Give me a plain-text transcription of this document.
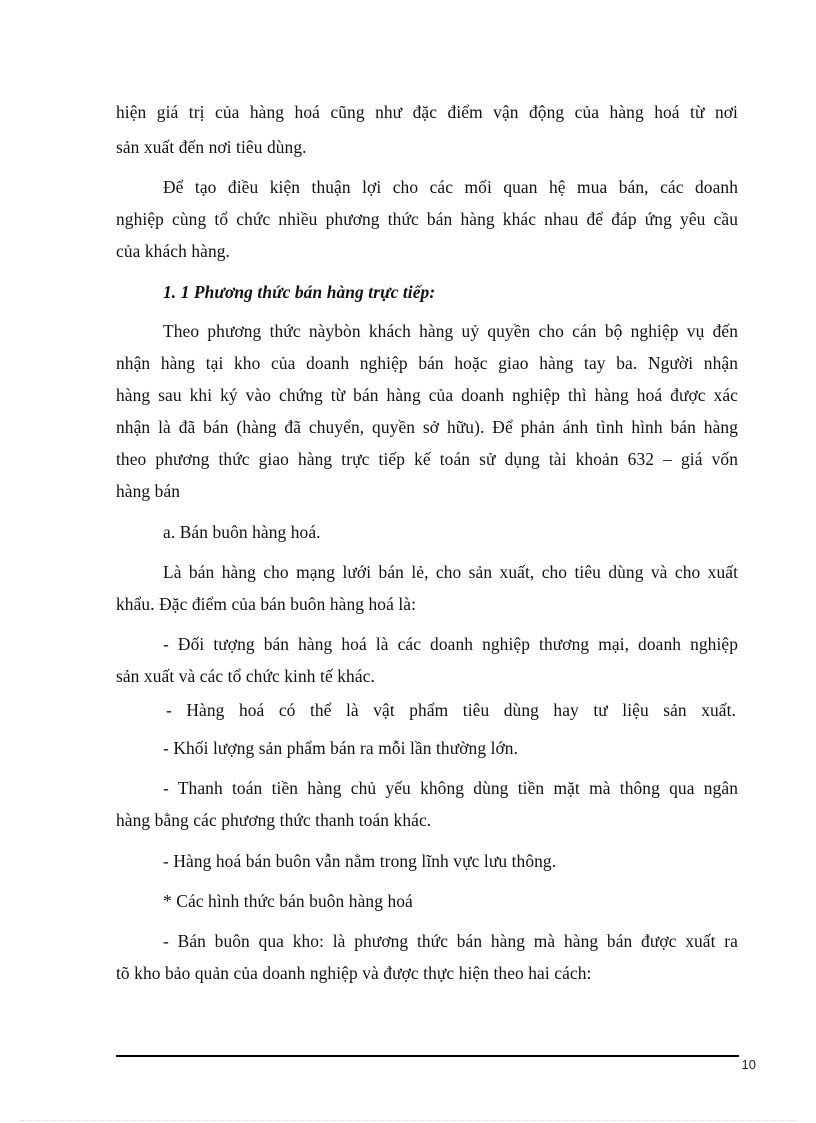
hiện giá trị của hàng hoá cũng như đặc điểm vận động của hàng hoá từ nơi
sản xuất đến nơi tiêu dùng.
Để tạo điều kiện thuận lợi cho các mối quan hệ mua bán, các doanh
nghiệp cùng tổ chức nhiều phương thức bán hàng khác nhau để đáp ứng yêu cầu
của khách hàng.
1. 1 Phương thức bán hàng trực tiếp:
Theo phương thức nàybòn khách hàng uỷ quyền cho cán bộ nghiệp vụ đến
nhận hàng tại kho của doanh nghiệp bán hoặc giao hàng tay ba. Người nhận
hàng sau khi ký vào chứng từ bán hàng của doanh nghiệp thì hàng hoá được xác
nhận là đã bán (hàng đã chuyển, quyền sở hữu). Để phản ánh tình hình bán hàng
theo phương thức giao hàng trực tiếp kế toán sử dụng tài khoản 632 – giá vốn
hàng bán
a. Bán buôn hàng hoá.
Là bán hàng cho mạng lưới bán lẻ, cho sản xuất, cho tiêu dùng và cho xuất
khẩu. Đặc điểm của bán buôn hàng hoá là:
- Đối tượng bán hàng hoá là các doanh nghiệp thương mại, doanh nghiệp
sản xuất và các tổ chức kinh tế khác.
- Hàng hoá có thể là vật phẩm tiêu dùng hay tư liệu sản xuất.
- Khối lượng sản phẩm bán ra mỗi lần thường lớn.
- Thanh toán tiền hàng chủ yếu không dùng tiền mặt mà thông qua ngân
hàng bằng các phương thức thanh toán khác.
- Hàng hoá bán buôn vẫn nằm trong lĩnh vực lưu thông.
* Các hình thức bán buôn hàng hoá
- Bán buôn qua kho: là phương thức bán hàng mà hàng bán được xuất ra
tõ kho bảo quản của doanh nghiệp và được thực hiện theo hai cách:
10
